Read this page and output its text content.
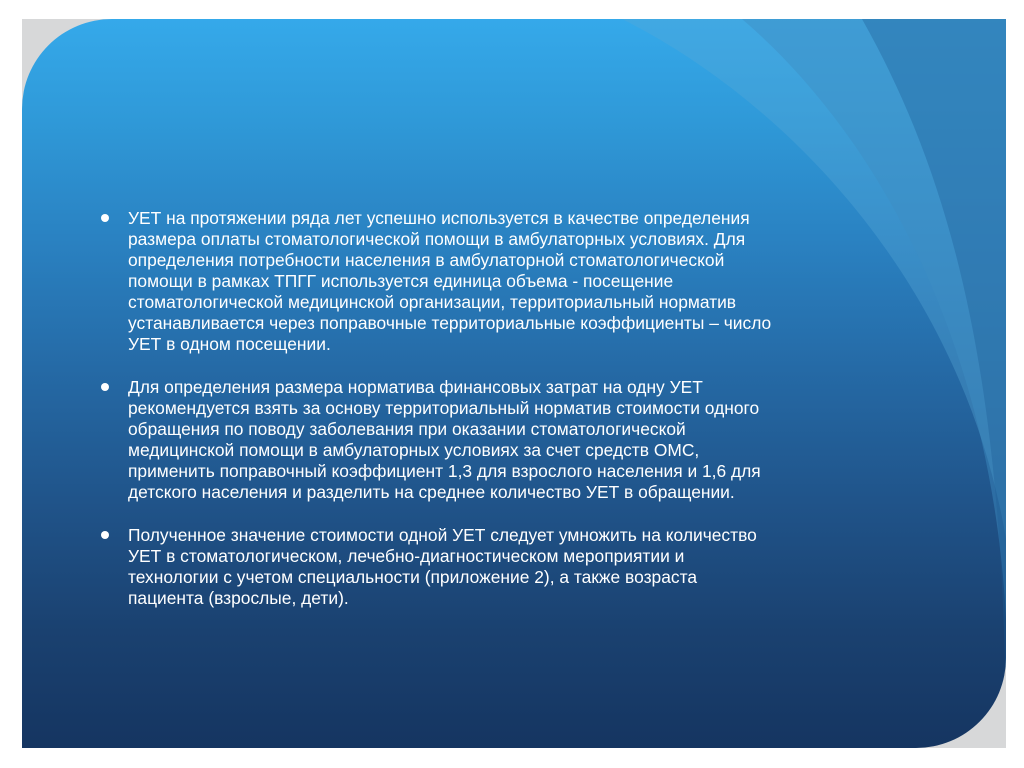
УЕТ на протяжении ряда лет успешно используется в качестве определения
размера оплаты стоматологической помощи в амбулаторных условиях. Для
определения потребности населения в амбулаторной стоматологической
помощи в рамках ТПГГ используется единица объема - посещение
стоматологической медицинской организации, территориальный норматив
устанавливается через поправочные территориальные коэффициенты – число
УЕТ в одном посещении.
Для определения размера норматива финансовых затрат на одну УЕТ
рекомендуется взять за основу территориальный норматив стоимости одного
обращения по поводу заболевания при оказании стоматологической
медицинской помощи в амбулаторных условиях за счет средств ОМС,
применить поправочный коэффициент 1,3 для взрослого населения и 1,6 для
детского населения и разделить на среднее количество УЕТ в обращении.
Полученное значение стоимости одной УЕТ следует умножить на количество
УЕТ в стоматологическом, лечебно-диагностическом мероприятии и
технологии с учетом специальности (приложение 2), а также возраста
пациента (взрослые, дети).
